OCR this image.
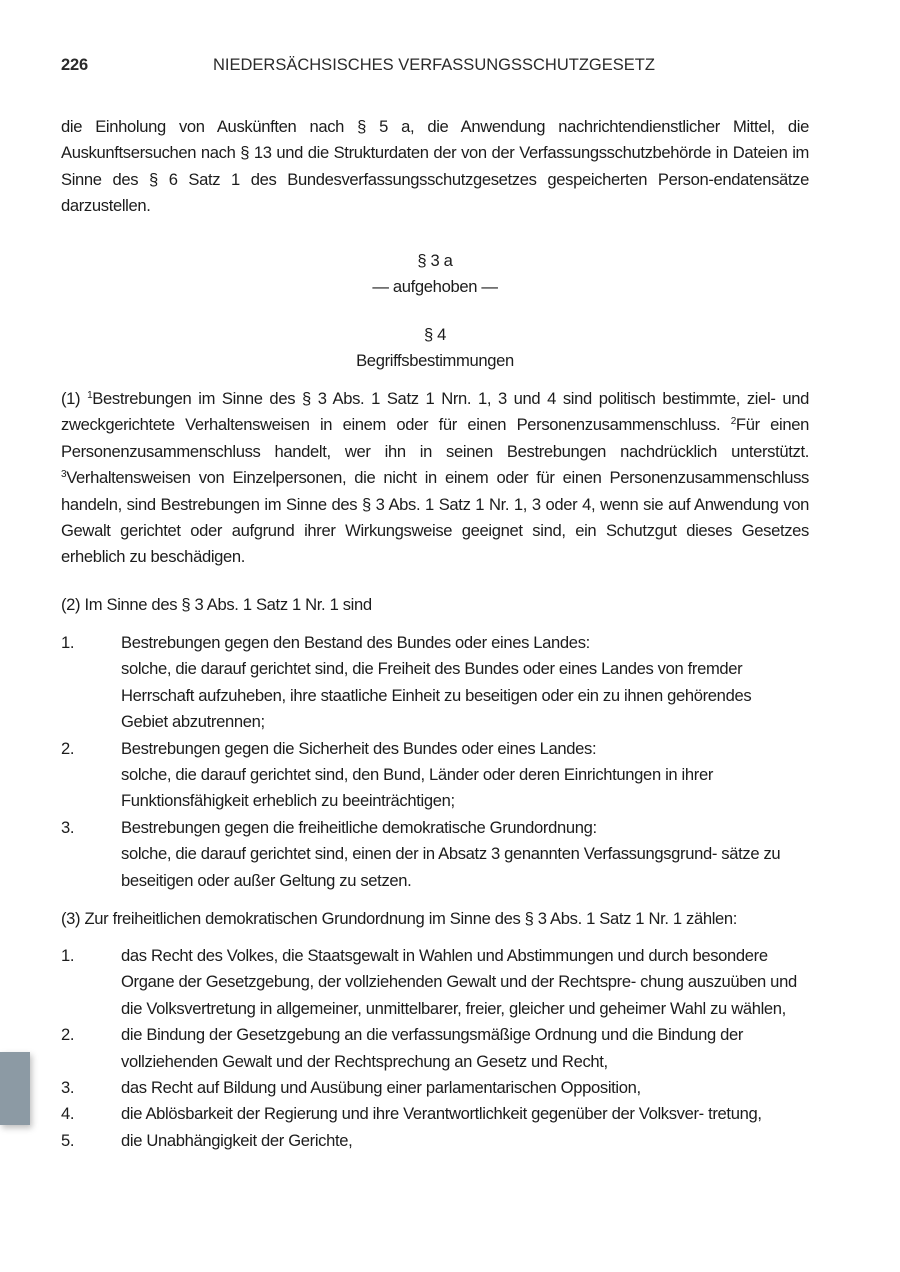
226	NIEDERSÄCHSISCHES VERFASSUNGSSCHUTZGESETZ

die Einholung von Auskünften nach § 5 a, die Anwendung nachrichtendienstlicher Mittel, die Auskunftsersuchen nach § 13 und die Strukturdaten der von der Verfassungsschutzbehörde in Dateien im Sinne des § 6 Satz 1 des Bundesverfassungsschutzgesetzes gespeicherten Person-endatensätze darzustellen.

§ 3 a

— aufgehoben —

§ 4

Begriffsbestimmungen

(1) $^1$Bestrebungen im Sinne des § 3 Abs. 1 Satz 1 Nrn. 1, 3 und 4 sind politisch bestimmte, ziel- und zweckgerichtete Verhaltensweisen in einem oder für einen Personenzusammenschluss. $^2$Für einen Personenzusammenschluss handelt, wer ihn in seinen Bestrebungen nachdrücklich unterstützt. $^3$Verhaltensweisen von Einzelpersonen, die nicht in einem oder für einen Personenzusammenschluss handeln, sind Bestrebungen im Sinne des § 3 Abs. 1 Satz 1 Nr. 1, 3 oder 4, wenn sie auf Anwendung von Gewalt gerichtet oder aufgrund ihrer Wirkungsweise geeignet sind, ein Schutzgut dieses Gesetzes erheblich zu beschädigen.

(2) Im Sinne des § 3 Abs. 1 Satz 1 Nr. 1 sind

1.	Bestrebungen gegen den Bestand des Bundes oder eines Landes:
solche, die darauf gerichtet sind, die Freiheit des Bundes oder eines Landes von fremder Herrschaft aufzuheben, ihre staatliche Einheit zu beseitigen oder ein zu ihnen gehörendes Gebiet abzutrennen;
2.	Bestrebungen gegen die Sicherheit des Bundes oder eines Landes:
solche, die darauf gerichtet sind, den Bund, Länder oder deren Einrichtungen in ihrer Funktionsfähigkeit erheblich zu beeinträchtigen;
3.	Bestrebungen gegen die freiheitliche demokratische Grundordnung:
solche, die darauf gerichtet sind, einen der in Absatz 3 genannten Verfassungsgrund- sätze zu beseitigen oder außer Geltung zu setzen.

(3) Zur freiheitlichen demokratischen Grundordnung im Sinne des § 3 Abs. 1 Satz 1 Nr. 1 zählen:

1.	das Recht des Volkes, die Staatsgewalt in Wahlen und Abstimmungen und durch besondere Organe der Gesetzgebung, der vollziehenden Gewalt und der Rechtspre- chung auszuüben und die Volksvertretung in allgemeiner, unmittelbarer, freier, gleicher und geheimer Wahl zu wählen,
2.	die Bindung der Gesetzgebung an die verfassungsmäßige Ordnung und die Bindung der vollziehenden Gewalt und der Rechtsprechung an Gesetz und Recht,
3.	das Recht auf Bildung und Ausübung einer parlamentarischen Opposition,
4.	die Ablösbarkeit der Regierung und ihre Verantwortlichkeit gegenüber der Volksver- tretung,
5.	die Unabhängigkeit der Gerichte,
